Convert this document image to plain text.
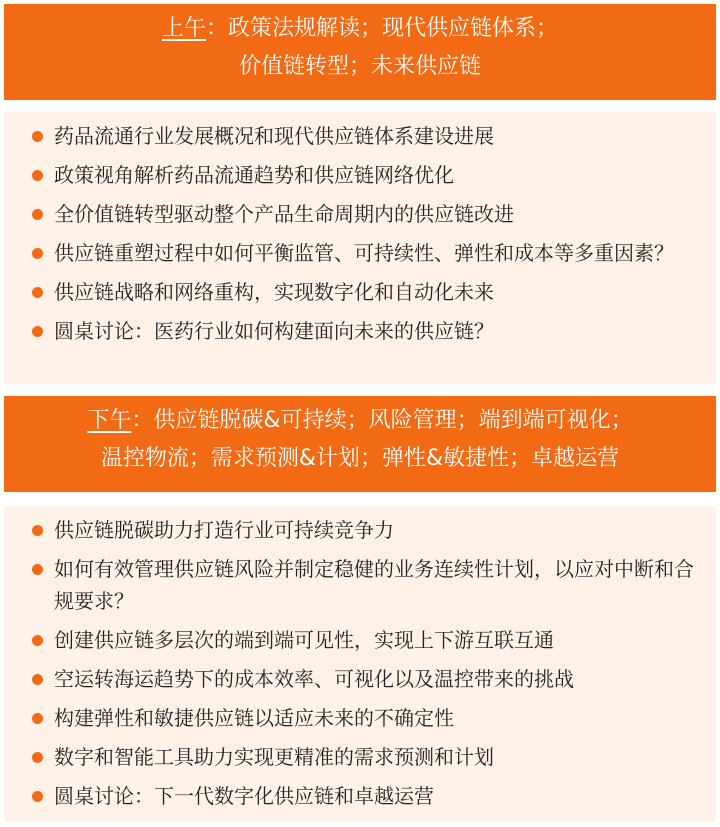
上午：政策法规解读；现代供应链体系；
价值链转型；未来供应链
药品流通行业发展概况和现代供应链体系建设进展
政策视角解析药品流通趋势和供应链网络优化
全价值链转型驱动整个产品生命周期内的供应链改进
供应链重塑过程中如何平衡监管、可持续性、弹性和成本等多重因素？
供应链战略和网络重构，实现数字化和自动化未来
圆桌讨论：医药行业如何构建面向未来的供应链？
下午：供应链脱碳&可持续；风险管理；端到端可视化；
温控物流；需求预测&计划；弹性&敏捷性；卓越运营
供应链脱碳助力打造行业可持续竞争力
如何有效管理供应链风险并制定稳健的业务连续性计划，以应对中断和合规要求？
创建供应链多层次的端到端可见性，实现上下游互联互通
空运转海运趋势下的成本效率、可视化以及温控带来的挑战
构建弹性和敏捷供应链以适应未来的不确定性
数字和智能工具助力实现更精准的需求预测和计划
圆桌讨论：下一代数字化供应链和卓越运营
